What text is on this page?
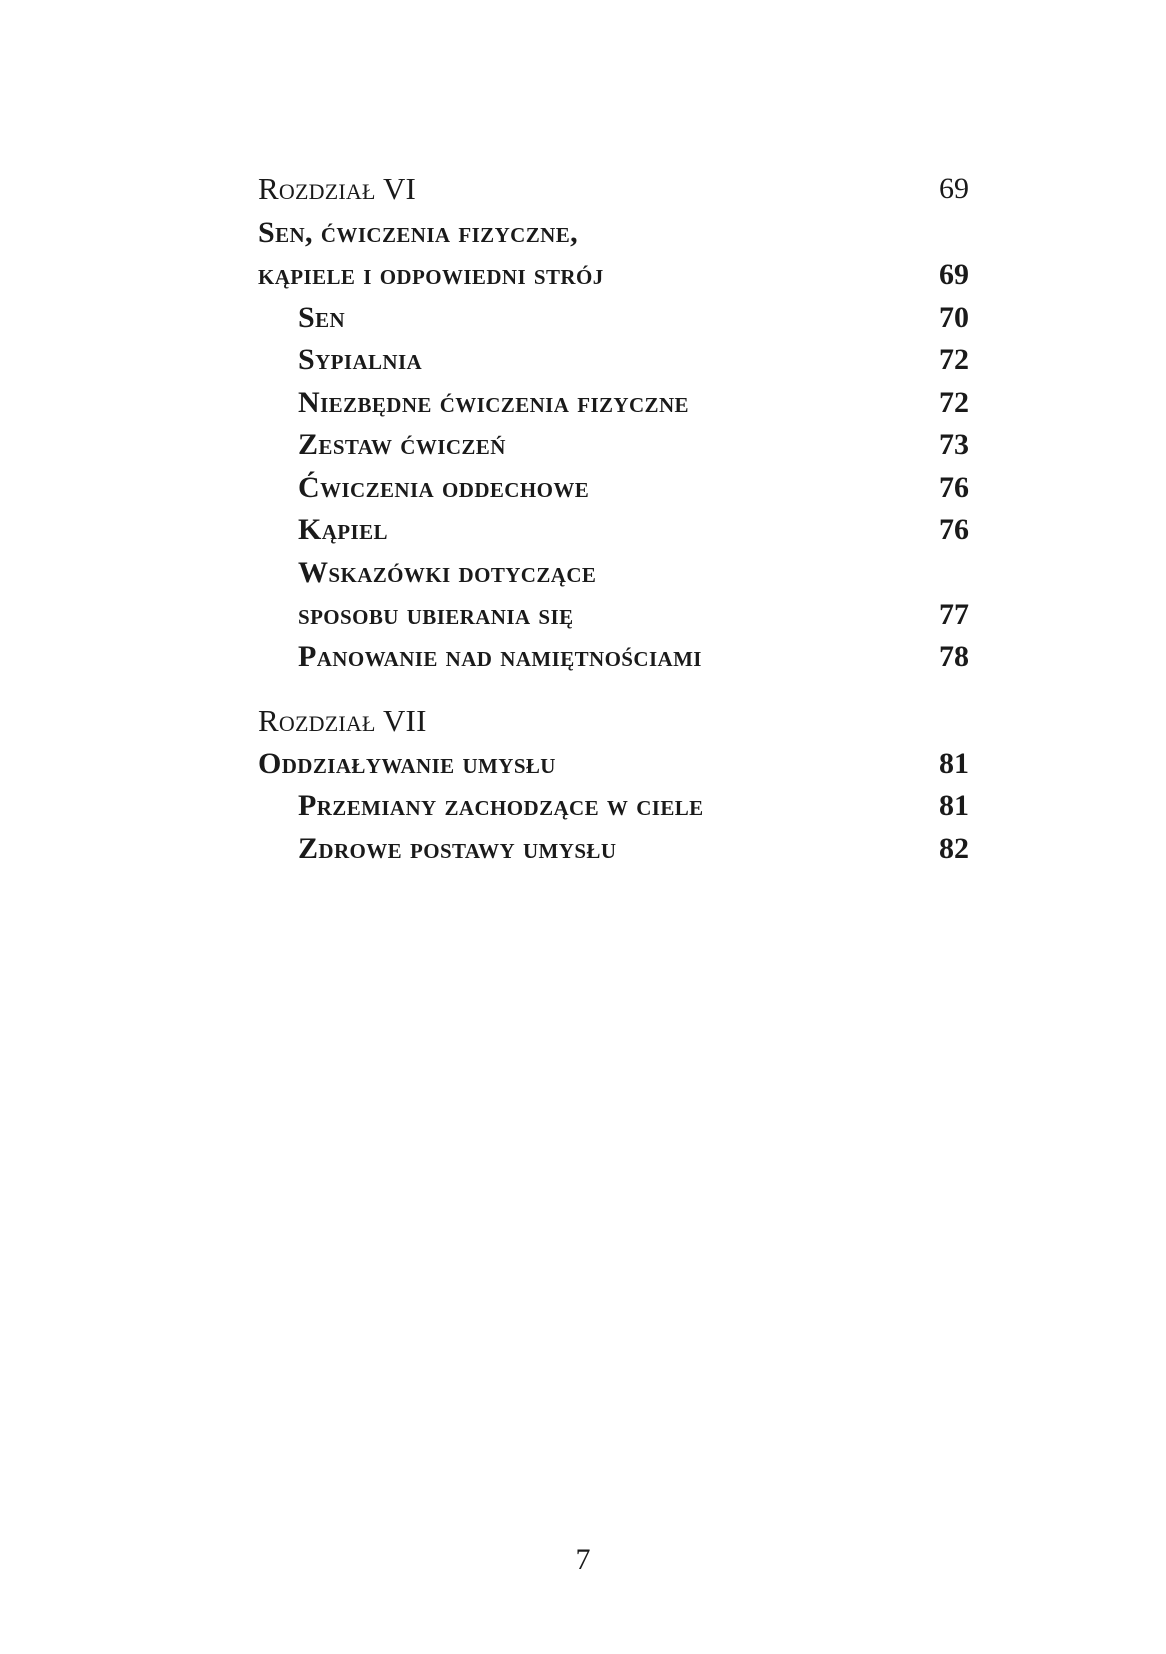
Rozdział VI	69
Sen, ćwiczenia fizyczne,
kąpiele i odpowiedni strój	69
Sen	70
Sypialnia	72
Niezbędne ćwiczenia fizyczne	72
Zestaw ćwiczeń	73
Ćwiczenia oddechowe	76
Kąpiel	76
Wskazówki dotyczące
sposobu ubierania się	77
Panowanie nad namiętnościami	78
Rozdział VII
Oddziaływanie umysłu	81
Przemiany zachodzące w ciele	81
Zdrowe postawy umysłu	82
7
